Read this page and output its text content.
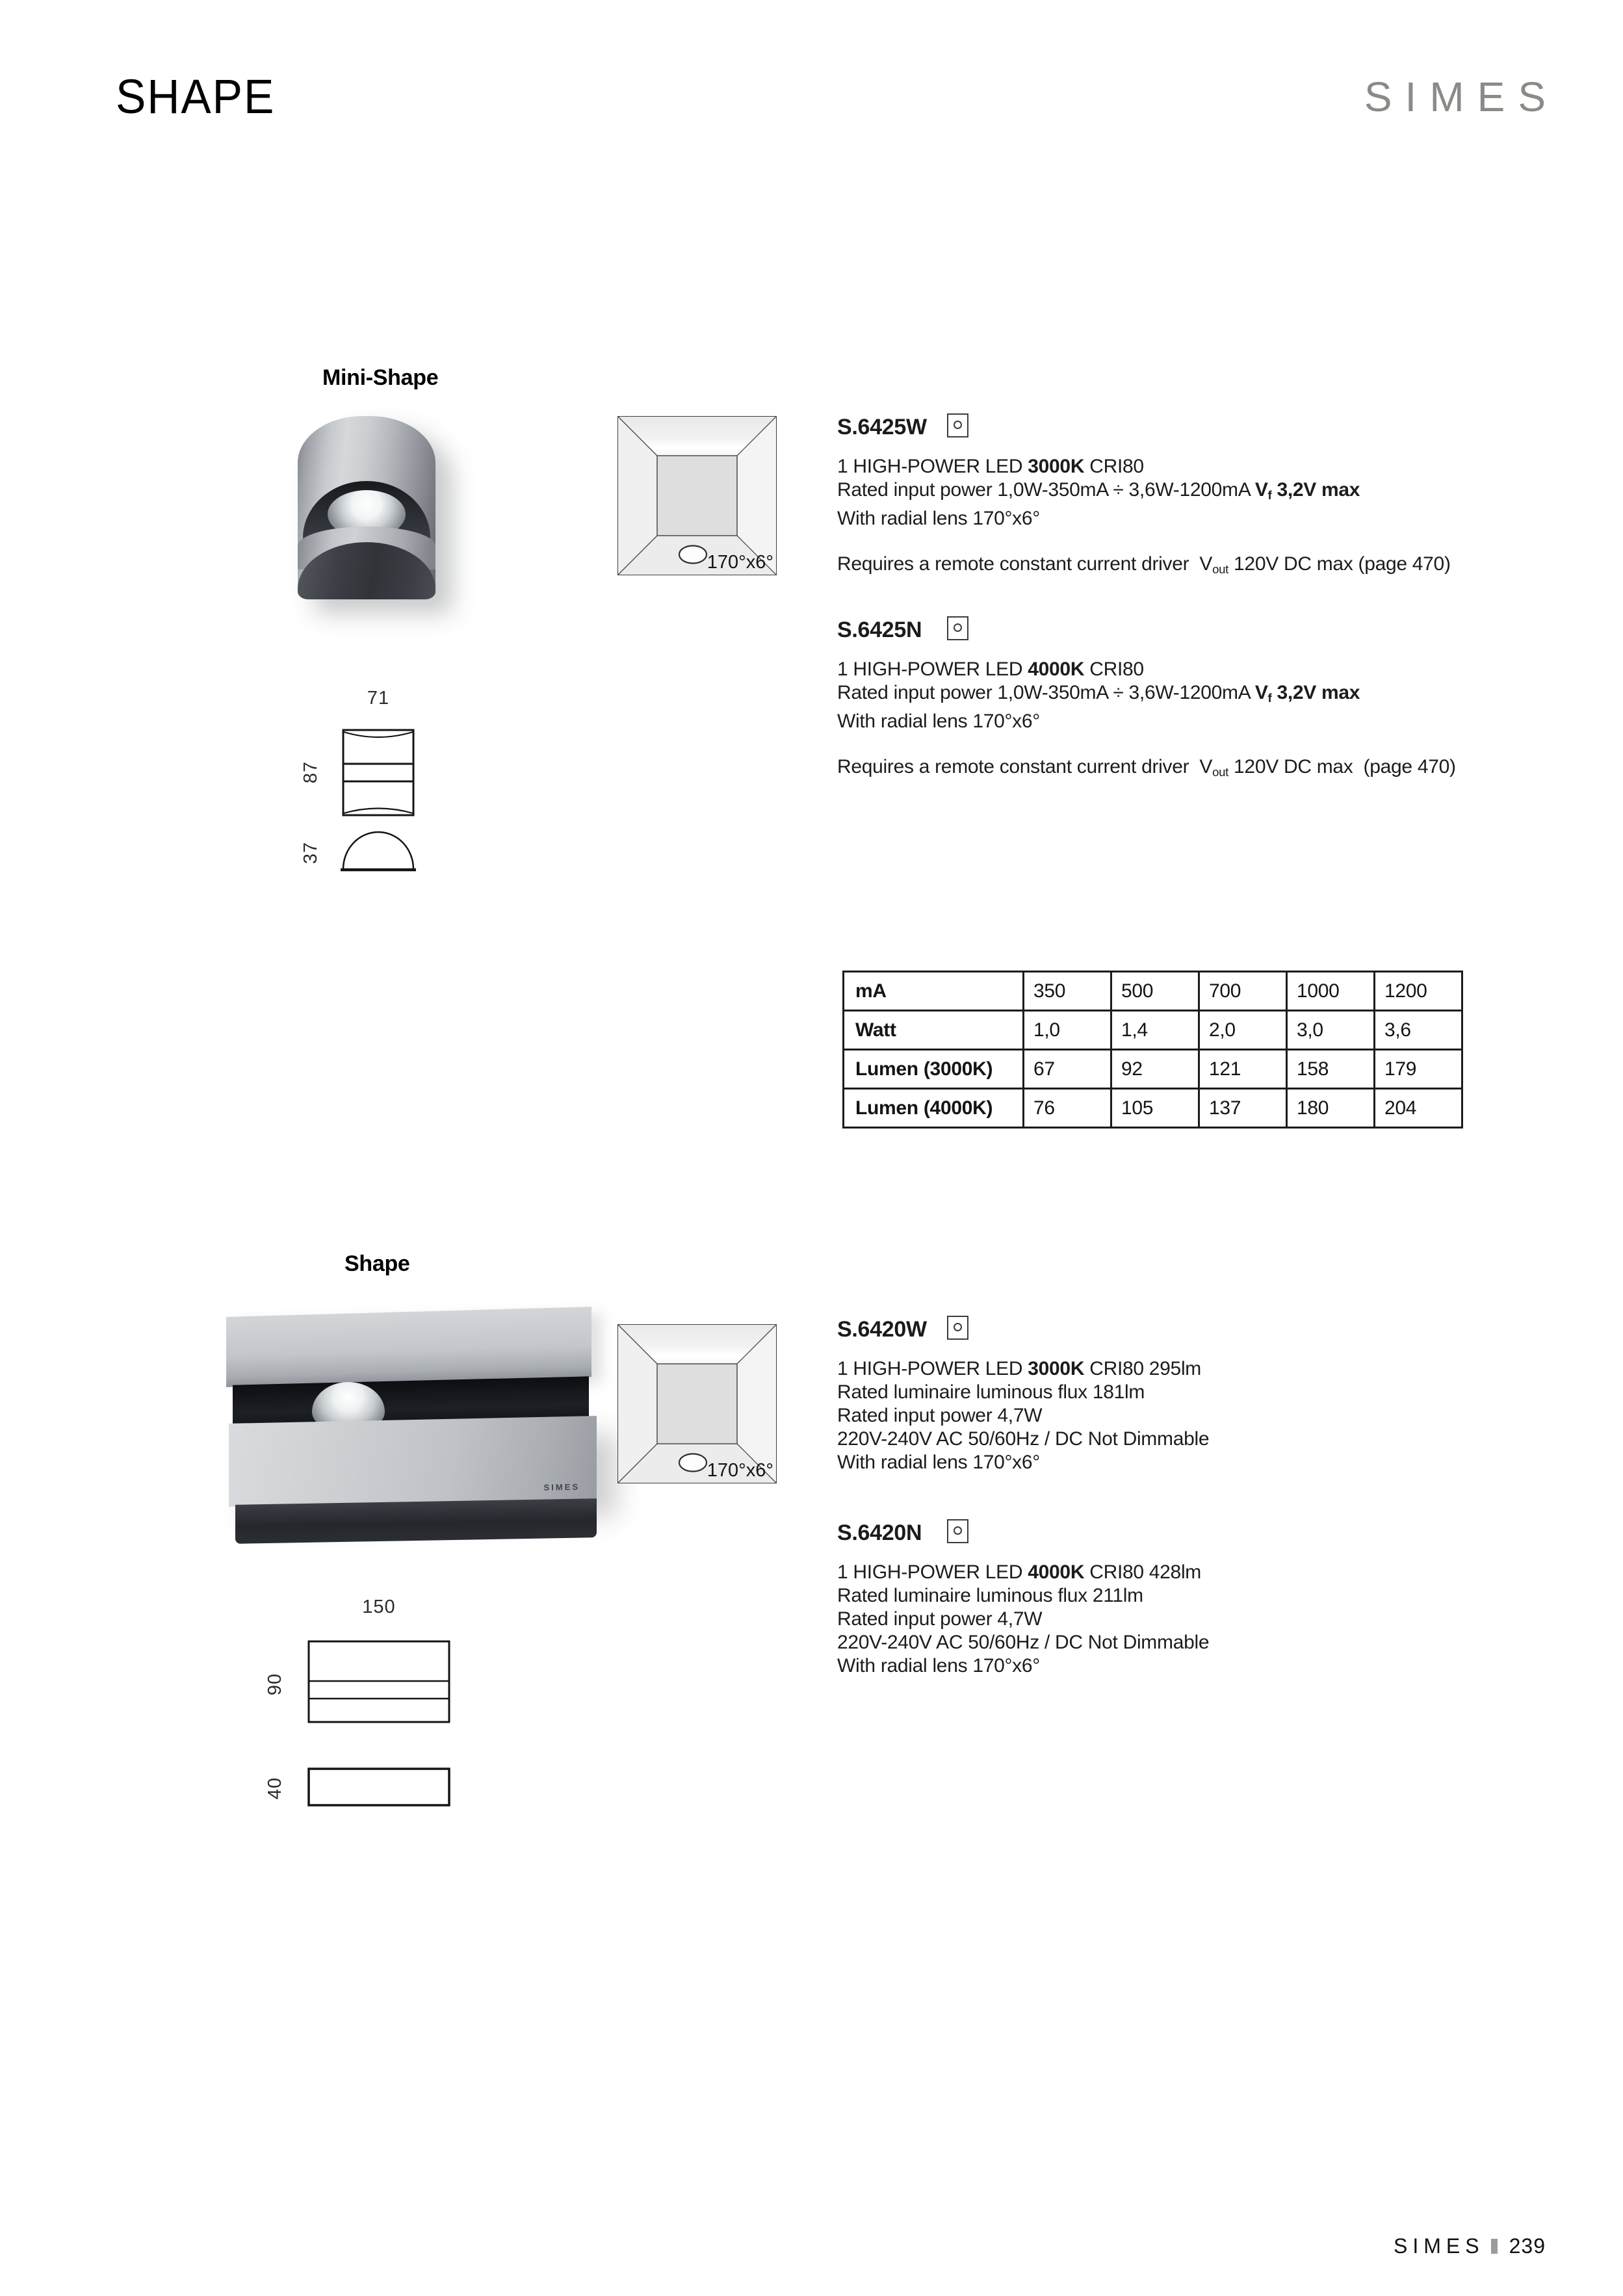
SHAPE	SIMES
Mini-Shape
170°x6°
S.6425W
1 HIGH-POWER LED 3000K CRI80
Rated input power 1,0W-350mA ÷ 3,6W-1200mA $V_f$ 3,2V max
With radial lens 170°x6°
Requires a remote constant current driver  $V_{out}$ 120V DC max (page 470)
S.6425N
1 HIGH-POWER LED 4000K CRI80
Rated input power 1,0W-350mA ÷ 3,6W-1200mA $V_f$ 3,2V max
With radial lens 170°x6°
Requires a remote constant current driver  $V_{out}$ 120V DC max  (page 470)
71
87
37
mA	350	500	700	1000	1200
Watt	1,0	1,4	2,0	3,0	3,6
Lumen (3000K)	67	92	121	158	179
Lumen (4000K)	76	105	137	180	204
Shape
SIMES
170°x6°
S.6420W
1 HIGH-POWER LED 3000K CRI80 295lm
Rated luminaire luminous flux 181lm
Rated input power 4,7W
220V-240V AC 50/60Hz / DC Not Dimmable
With radial lens 170°x6°
S.6420N
1 HIGH-POWER LED 4000K CRI80 428lm
Rated luminaire luminous flux 211lm
Rated input power 4,7W
220V-240V AC 50/60Hz / DC Not Dimmable
With radial lens 170°x6°
150
90
40
SIMES 239
